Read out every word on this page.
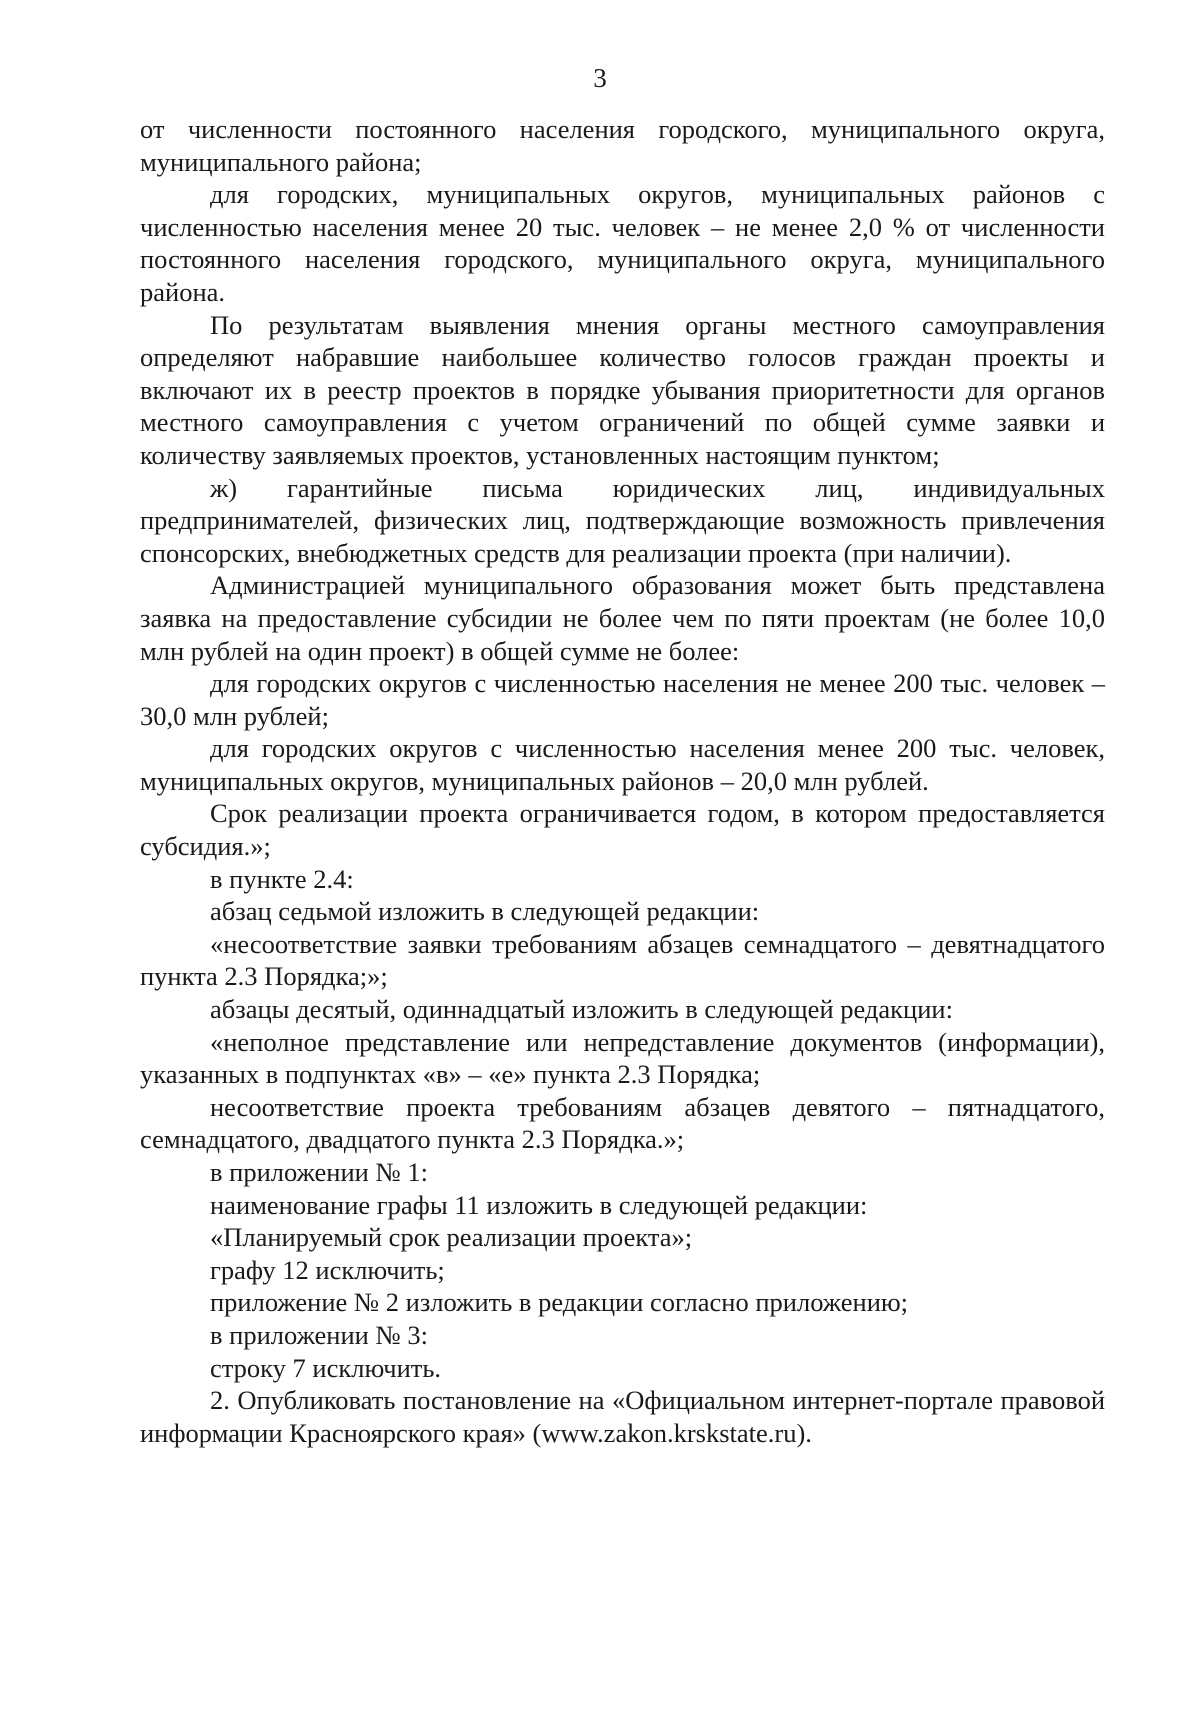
3

от численности постоянного населения городского, муниципального округа, муниципального района;

для городских, муниципальных округов, муниципальных районов с численностью населения менее 20 тыс. человек – не менее 2,0 % от численности постоянного населения городского, муниципального округа, муниципального района.

По результатам выявления мнения органы местного самоуправления определяют набравшие наибольшее количество голосов граждан проекты и включают их в реестр проектов в порядке убывания приоритетности для органов местного самоуправления с учетом ограничений по общей сумме заявки и количеству заявляемых проектов, установленных настоящим пунктом;

ж) гарантийные письма юридических лиц, индивидуальных предпринимателей, физических лиц, подтверждающие возможность привлечения спонсорских, внебюджетных средств для реализации проекта (при наличии).

Администрацией муниципального образования может быть представлена заявка на предоставление субсидии не более чем по пяти проектам (не более 10,0 млн рублей на один проект) в общей сумме не более:

для городских округов с численностью населения не менее 200 тыс. человек – 30,0 млн рублей;

для городских округов с численностью населения менее 200 тыс. человек, муниципальных округов, муниципальных районов – 20,0 млн рублей.

Срок реализации проекта ограничивается годом, в котором предоставляется субсидия.»;

в пункте 2.4:

абзац седьмой изложить в следующей редакции:

«несоответствие заявки требованиям абзацев семнадцатого – девятнадцатого пункта 2.3 Порядка;»;

абзацы десятый, одиннадцатый изложить в следующей редакции:

«неполное представление или непредставление документов (информации), указанных в подпунктах «в» – «е» пункта 2.3 Порядка;

несоответствие проекта требованиям абзацев девятого – пятнадцатого, семнадцатого, двадцатого пункта 2.3 Порядка.»;

в приложении № 1:

наименование графы 11 изложить в следующей редакции:

«Планируемый срок реализации проекта»;

графу 12 исключить;

приложение № 2 изложить в редакции согласно приложению;

в приложении № 3:

строку 7 исключить.

2. Опубликовать постановление на «Официальном интернет-портале правовой информации Красноярского края» (www.zakon.krskstate.ru).
